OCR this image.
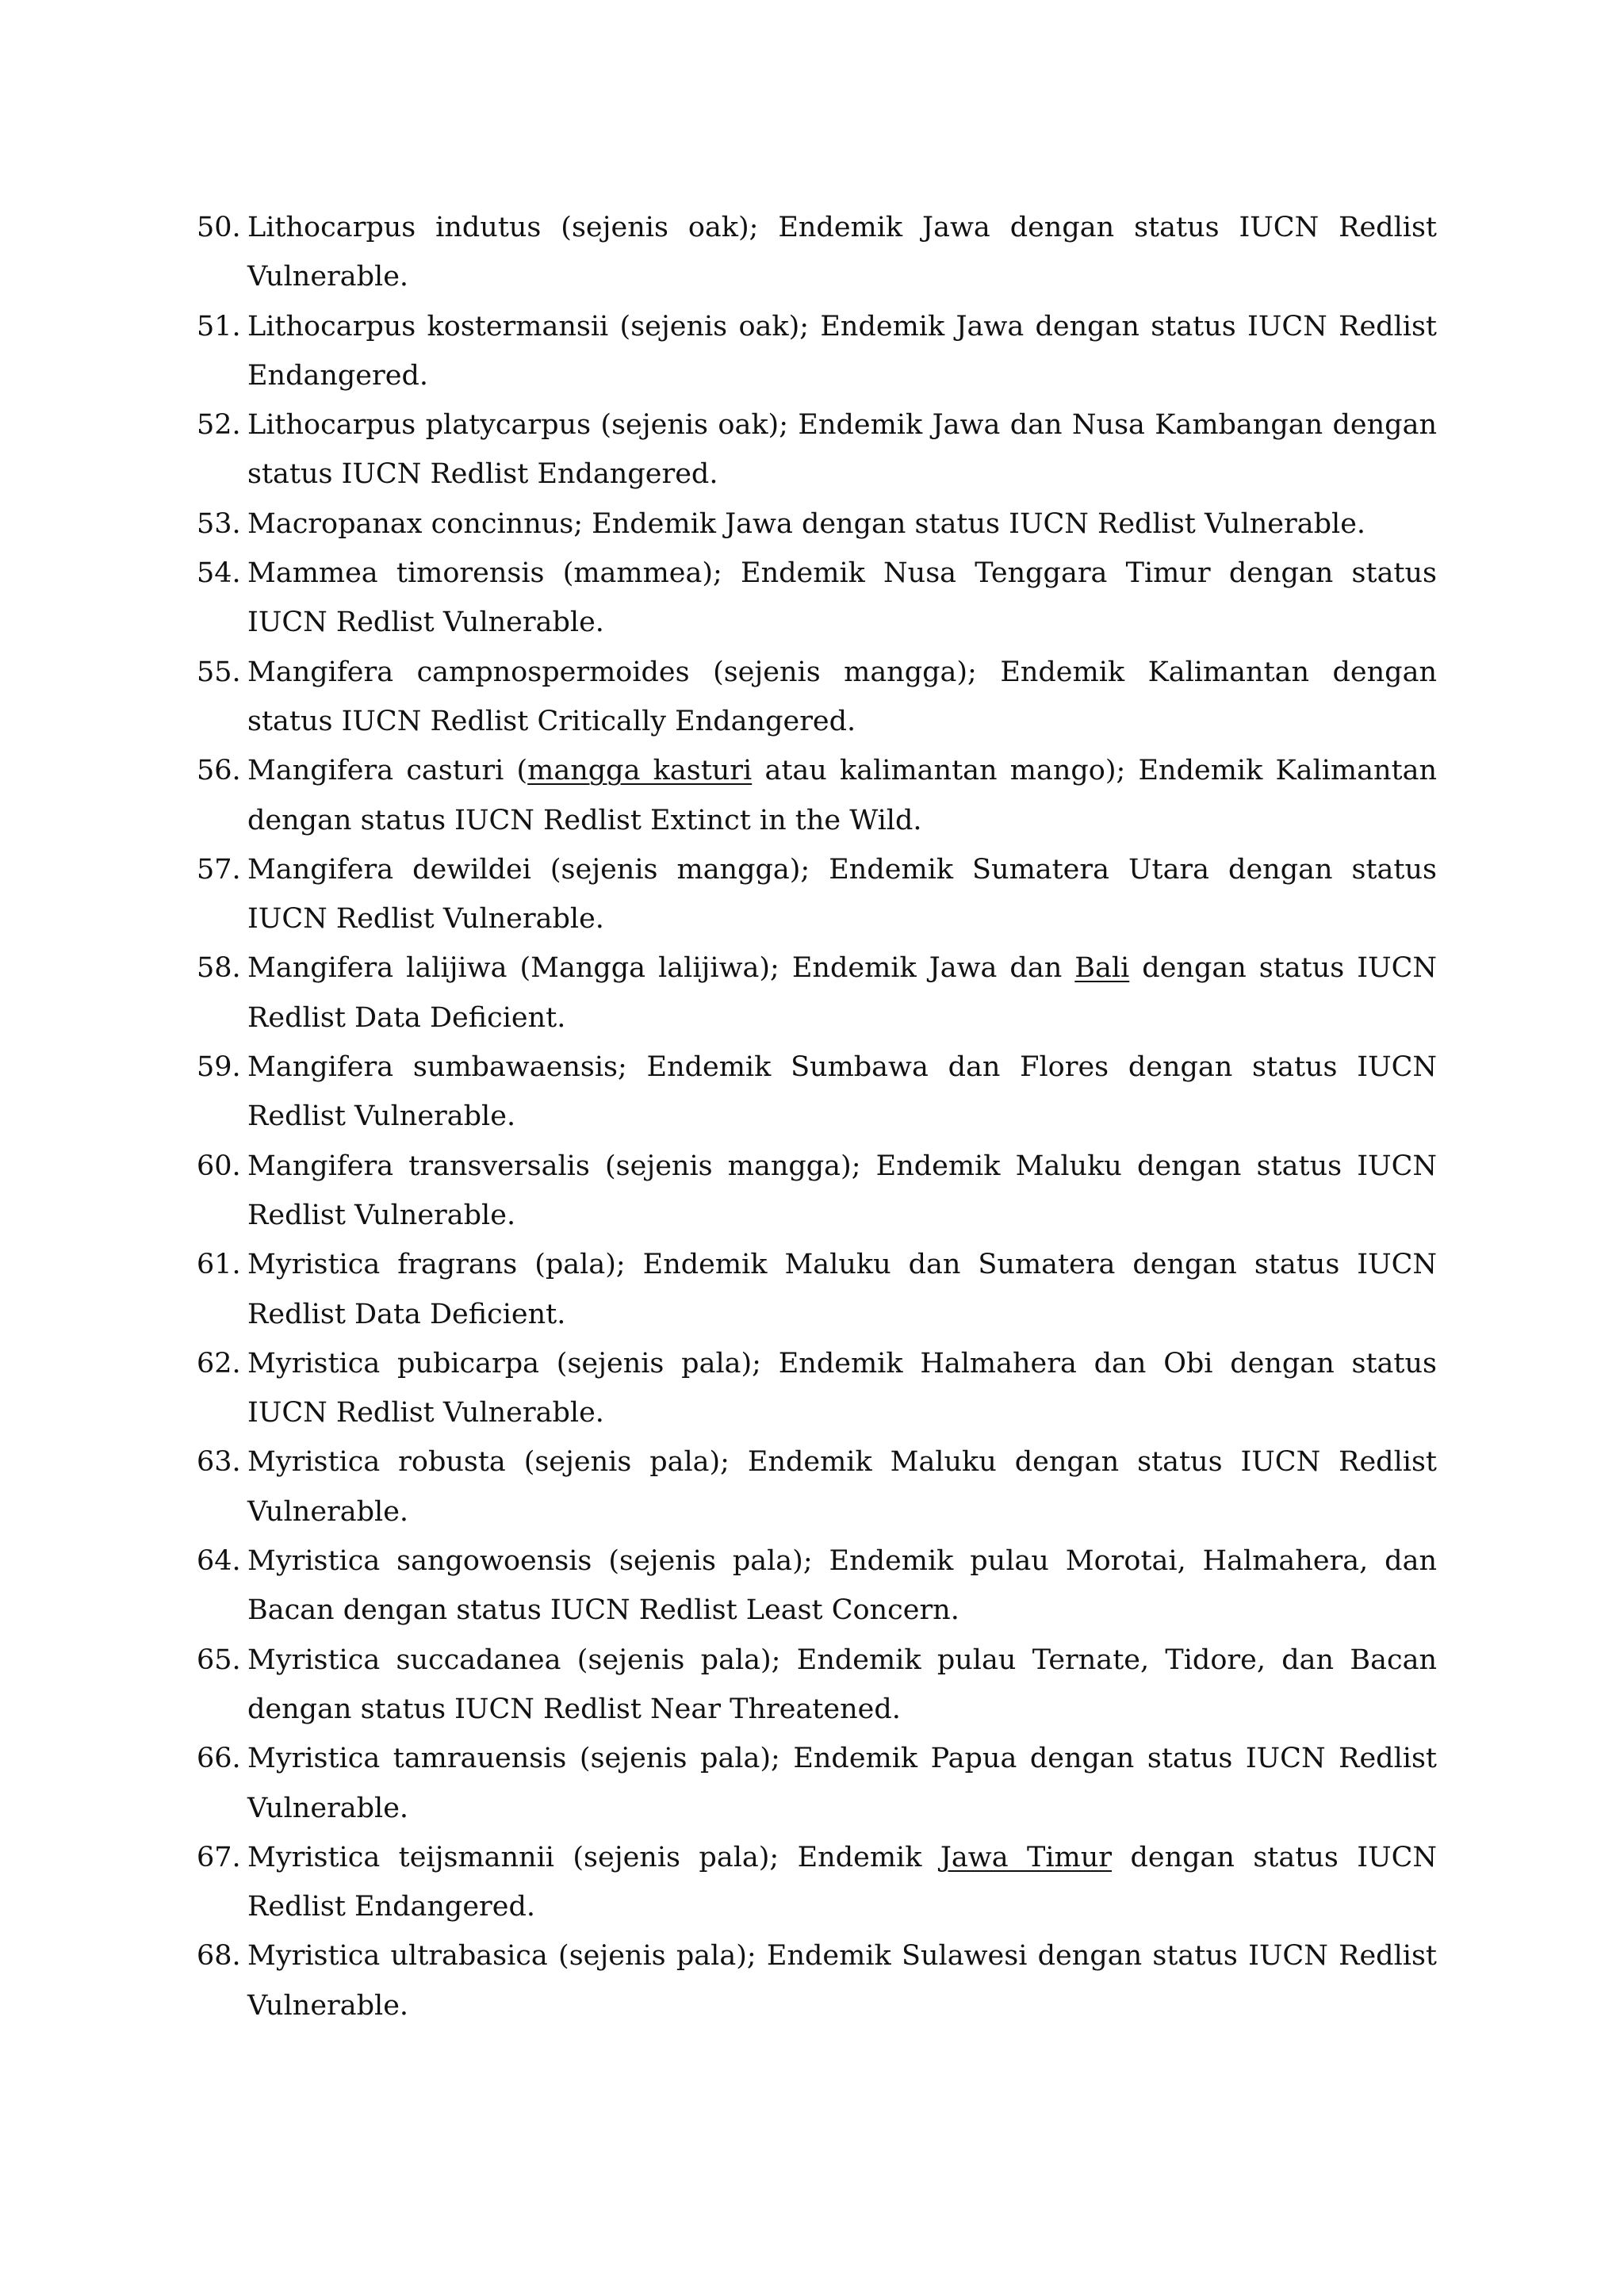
50. Lithocarpus indutus (sejenis oak); Endemik Jawa dengan status IUCN Redlist Vulnerable.
51. Lithocarpus kostermansii (sejenis oak); Endemik Jawa dengan status IUCN Redlist Endangered.
52. Lithocarpus platycarpus (sejenis oak); Endemik Jawa dan Nusa Kambangan dengan status IUCN Redlist Endangered.
53. Macropanax concinnus; Endemik Jawa dengan status IUCN Redlist Vulnerable.
54. Mammea timorensis (mammea); Endemik Nusa Tenggara Timur dengan status IUCN Redlist Vulnerable.
55. Mangifera campnospermoides (sejenis mangga); Endemik Kalimantan dengan status IUCN Redlist Critically Endangered.
56. Mangifera casturi (mangga kasturi atau kalimantan mango); Endemik Kalimantan dengan status IUCN Redlist Extinct in the Wild.
57. Mangifera dewildei (sejenis mangga); Endemik Sumatera Utara dengan status IUCN Redlist Vulnerable.
58. Mangifera lalijiwa (Mangga lalijiwa); Endemik Jawa dan Bali dengan status IUCN Redlist Data Deficient.
59. Mangifera sumbawaensis; Endemik Sumbawa dan Flores dengan status IUCN Redlist Vulnerable.
60. Mangifera transversalis (sejenis mangga); Endemik Maluku dengan status IUCN Redlist Vulnerable.
61. Myristica fragrans (pala); Endemik Maluku dan Sumatera dengan status IUCN Redlist Data Deficient.
62. Myristica pubicarpa (sejenis pala); Endemik Halmahera dan Obi dengan status IUCN Redlist Vulnerable.
63. Myristica robusta (sejenis pala); Endemik Maluku dengan status IUCN Redlist Vulnerable.
64. Myristica sangowoensis (sejenis pala); Endemik pulau Morotai, Halmahera, dan Bacan dengan status IUCN Redlist Least Concern.
65. Myristica succadanea (sejenis pala); Endemik pulau Ternate, Tidore, dan Bacan dengan status IUCN Redlist Near Threatened.
66. Myristica tamrauensis (sejenis pala); Endemik Papua dengan status IUCN Redlist Vulnerable.
67. Myristica teijsmannii (sejenis pala); Endemik Jawa Timur dengan status IUCN Redlist Endangered.
68. Myristica ultrabasica (sejenis pala); Endemik Sulawesi dengan status IUCN Redlist Vulnerable.
